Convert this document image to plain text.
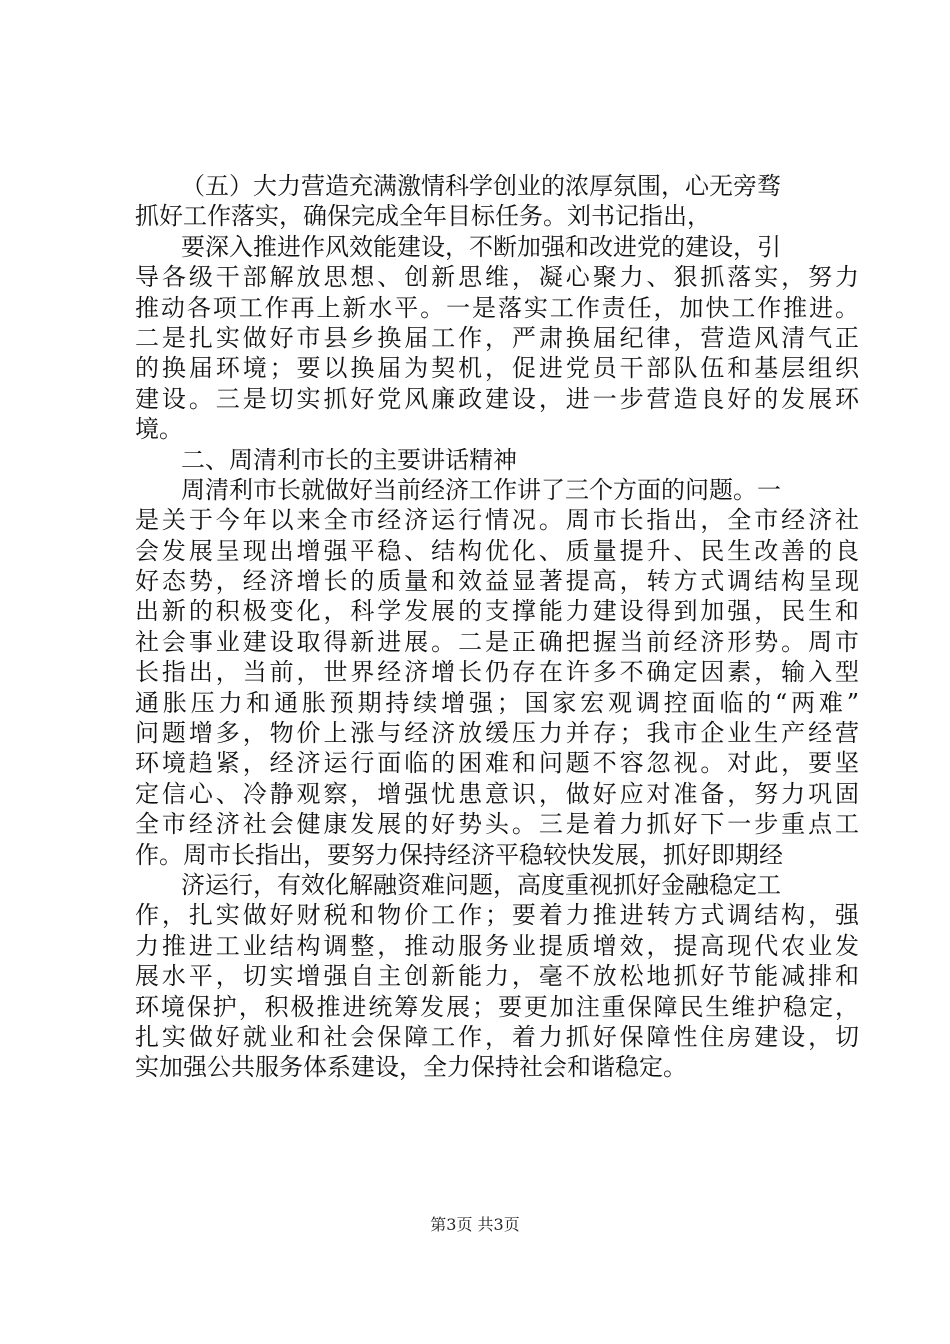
（五）大力营造充满激情科学创业的浓厚氛围，心无旁骛
抓好工作落实，确保完成全年目标任务。刘书记指出，
要深入推进作风效能建设，不断加强和改进党的建设，引
导各级干部解放思想、创新思维，凝心聚力、狠抓落实，努力
推动各项工作再上新水平。一是落实工作责任，加快工作推进。
二是扎实做好市县乡换届工作，严肃换届纪律，营造风清气正
的换届环境；要以换届为契机，促进党员干部队伍和基层组织
建设。三是切实抓好党风廉政建设，进一步营造良好的发展环
境。
二、周清利市长的主要讲话精神
周清利市长就做好当前经济工作讲了三个方面的问题。一
是关于今年以来全市经济运行情况。周市长指出，全市经济社
会发展呈现出增强平稳、结构优化、质量提升、民生改善的良
好态势，经济增长的质量和效益显著提高，转方式调结构呈现
出新的积极变化，科学发展的支撑能力建设得到加强，民生和
社会事业建设取得新进展。二是正确把握当前经济形势。周市
长指出，当前，世界经济增长仍存在许多不确定因素，输入型
通胀压力和通胀预期持续增强；国家宏观调控面临的“两难”
问题增多，物价上涨与经济放缓压力并存；我市企业生产经营
环境趋紧，经济运行面临的困难和问题不容忽视。对此，要坚
定信心、冷静观察，增强忧患意识，做好应对准备，努力巩固
全市经济社会健康发展的好势头。三是着力抓好下一步重点工
作。周市长指出，要努力保持经济平稳较快发展，抓好即期经
济运行，有效化解融资难问题，高度重视抓好金融稳定工
作，扎实做好财税和物价工作；要着力推进转方式调结构，强
力推进工业结构调整，推动服务业提质增效，提高现代农业发
展水平，切实增强自主创新能力，毫不放松地抓好节能减排和
环境保护，积极推进统筹发展；要更加注重保障民生维护稳定，
扎实做好就业和社会保障工作，着力抓好保障性住房建设，切
实加强公共服务体系建设，全力保持社会和谐稳定。
第3页 共3页
